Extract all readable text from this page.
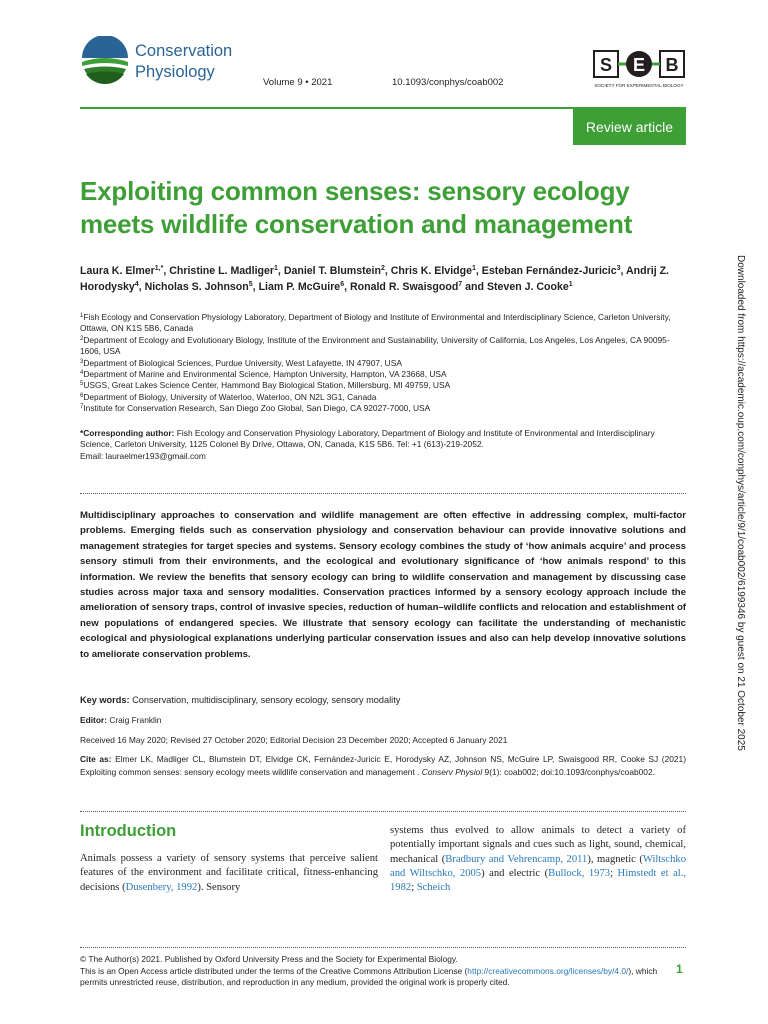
Conservation
Physiology
Volume 9 • 2021	10.1093/conphys/coab002
S E B
SOCIETY FOR EXPERIMENTAL BIOLOGY
Review article
Exploiting common senses: sensory ecology meets wildlife conservation and management
Laura K. Elmer$^{1,*}$, Christine L. Madliger$^1$, Daniel T. Blumstein$^2$, Chris K. Elvidge$^1$, Esteban Fernández-Juricic$^3$, Andrij Z. Horodysky$^4$, Nicholas S. Johnson$^5$, Liam P. McGuire$^6$, Ronald R. Swaisgood$^7$ and Steven J. Cooke$^1$
$^1$Fish Ecology and Conservation Physiology Laboratory, Department of Biology and Institute of Environmental and Interdisciplinary Science, Carleton University, Ottawa, ON K1S 5B6, Canada
$^2$Department of Ecology and Evolutionary Biology, Institute of the Environment and Sustainability, University of California, Los Angeles, Los Angeles, CA 90095-1606, USA
$^3$Department of Biological Sciences, Purdue University, West Lafayette, IN 47907, USA
$^4$Department of Marine and Environmental Science, Hampton University, Hampton, VA 23668, USA
$^5$USGS, Great Lakes Science Center, Hammond Bay Biological Station, Millersburg, MI 49759, USA
$^6$Department of Biology, University of Waterloo, Waterloo, ON N2L 3G1, Canada
$^7$Institute for Conservation Research, San Diego Zoo Global, San Diego, CA 92027-7000, USA
*Corresponding author: Fish Ecology and Conservation Physiology Laboratory, Department of Biology and Institute of Environmental and Interdisciplinary Science, Carleton University, 1125 Colonel By Drive, Ottawa, ON, Canada, K1S 5B6. Tel: +1 (613)-219-2052.
Email: lauraelmer193@gmail.com
Multidisciplinary approaches to conservation and wildlife management are often effective in addressing complex, multi-factor problems. Emerging fields such as conservation physiology and conservation behaviour can provide innovative solutions and management strategies for target species and systems. Sensory ecology combines the study of ‘how animals acquire’ and process sensory stimuli from their environments, and the ecological and evolutionary significance of ‘how animals respond’ to this information. We review the benefits that sensory ecology can bring to wildlife conservation and management by discussing case studies across major taxa and sensory modalities. Conservation practices informed by a sensory ecology approach include the amelioration of sensory traps, control of invasive species, reduction of human–wildlife conflicts and relocation and establishment of new populations of endangered species. We illustrate that sensory ecology can facilitate the understanding of mechanistic ecological and physiological explanations underlying particular conservation issues and also can help develop innovative solutions to ameliorate conservation problems.
Key words: Conservation, multidisciplinary, sensory ecology, sensory modality
Editor: Craig Franklin
Received 16 May 2020; Revised 27 October 2020; Editorial Decision 23 December 2020; Accepted 6 January 2021
Cite as: Elmer LK, Madliger CL, Blumstein DT, Elvidge CK, Fernández-Juricic E, Horodysky AZ, Johnson NS, McGuire LP, Swaisgood RR, Cooke SJ (2021) Exploiting common senses: sensory ecology meets wildlife conservation and management . Conserv Physiol 9(1): coab002; doi:10.1093/conphys/coab002.
Introduction
Animals possess a variety of sensory systems that perceive salient features of the environment and facilitate critical, fitness-enhancing decisions (Dusenbery, 1992). Sensory
systems thus evolved to allow animals to detect a variety of potentially important signals and cues such as light, sound, chemical, mechanical (Bradbury and Vehrencamp, 2011), magnetic (Wiltschko and Wiltschko, 2005) and electric (Bullock, 1973; Himstedt et al., 1982; Scheich
© The Author(s) 2021. Published by Oxford University Press and the Society for Experimental Biology.
This is an Open Access article distributed under the terms of the Creative Commons Attribution License (http://creativecommons.org/licenses/by/4.0/), which permits unrestricted reuse, distribution, and reproduction in any medium, provided the original work is properly cited.
1
Downloaded from https://academic.oup.com/conphys/article/9/1/coab002/6199346 by guest on 21 October 2025
